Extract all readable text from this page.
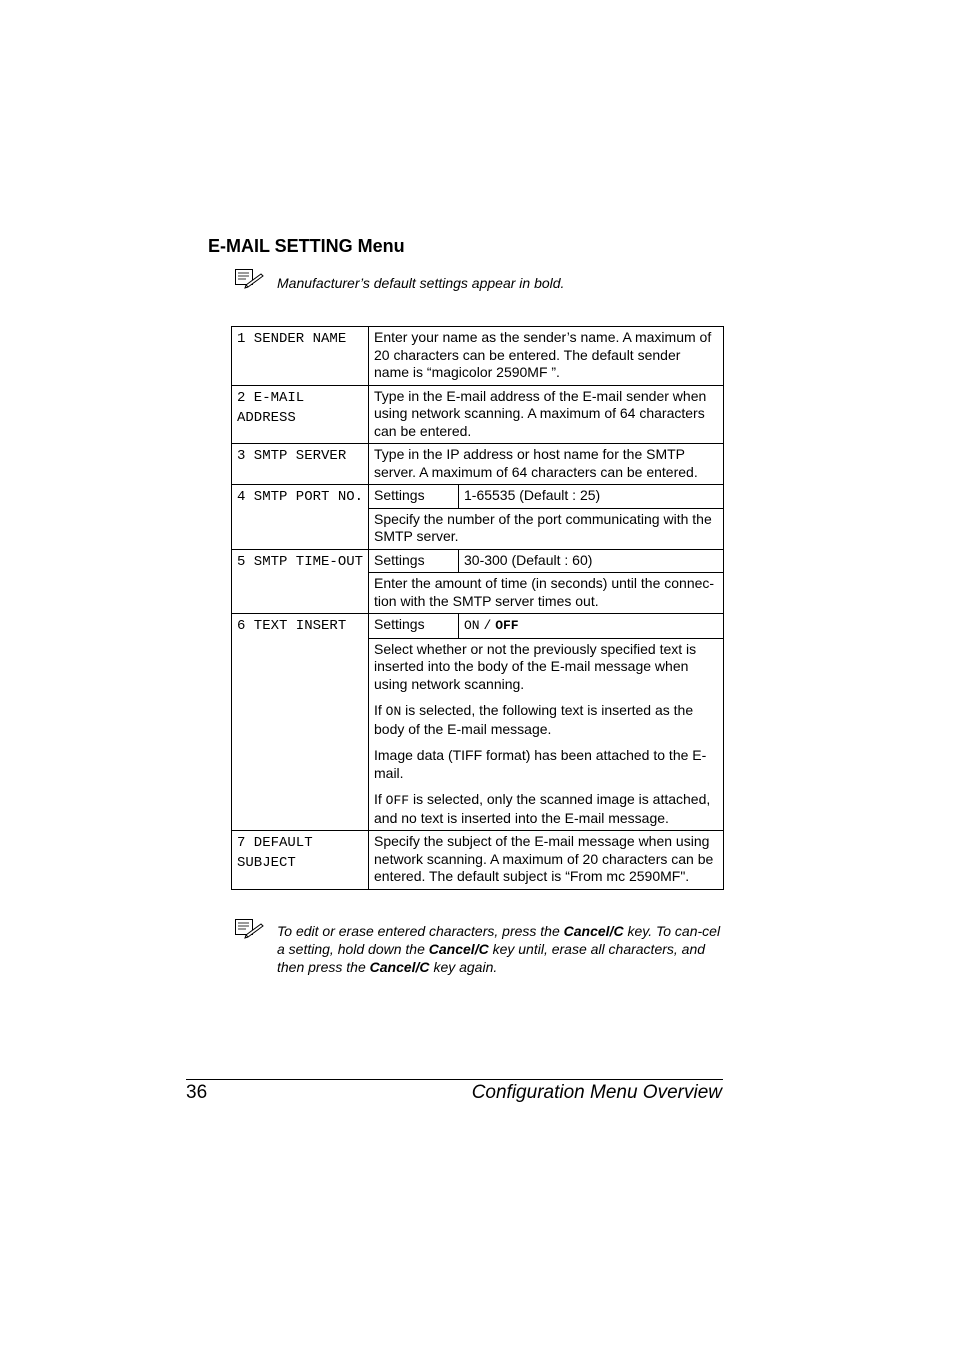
E-MAIL SETTING Menu
Manufacturer’s default settings appear in bold.
1 SENDER NAME	Enter your name as the sender’s name. A maximum of 20 characters can be entered. The default sender name is “magicolor 2590MF ”.	
2 E-MAIL ADDRESS	Type in the E-mail address of the E-mail sender when using network scanning. A maximum of 64 characters can be entered.	
3 SMTP SERVER	Type in the IP address or host name for the SMTP server. A maximum of 64 characters can be entered.	
4 SMTP PORT NO.	Settings	1-65535 (Default : 25)
	Specify the number of the port communicating with the SMTP server.	
5 SMTP TIME-OUT	Settings	30-300 (Default : 60)
	Enter the amount of time (in seconds) until the connec-tion with the SMTP server times out.	
6 TEXT INSERT	Settings	ON / OFF

	Select whether or not the previously specified text is inserted into the body of the E-mail message when using network scanning.

If ON is selected, the following text is inserted as the body of the E-mail message.

Image data (TIFF format) has been attached to the E-mail.

If OFF is selected, only the scanned image is attached, and no text is inserted into the E-mail message.	

7 DEFAULT SUBJECT	Specify the subject of the E-mail message when using network scanning. A maximum of 20 characters can be entered. The default subject is “From mc 2590MF".	
To edit or erase entered characters, press the Cancel/C key. To can-cel a setting, hold down the Cancel/C key until, erase all characters, and then press the Cancel/C key again.
36	Configuration Menu Overview
